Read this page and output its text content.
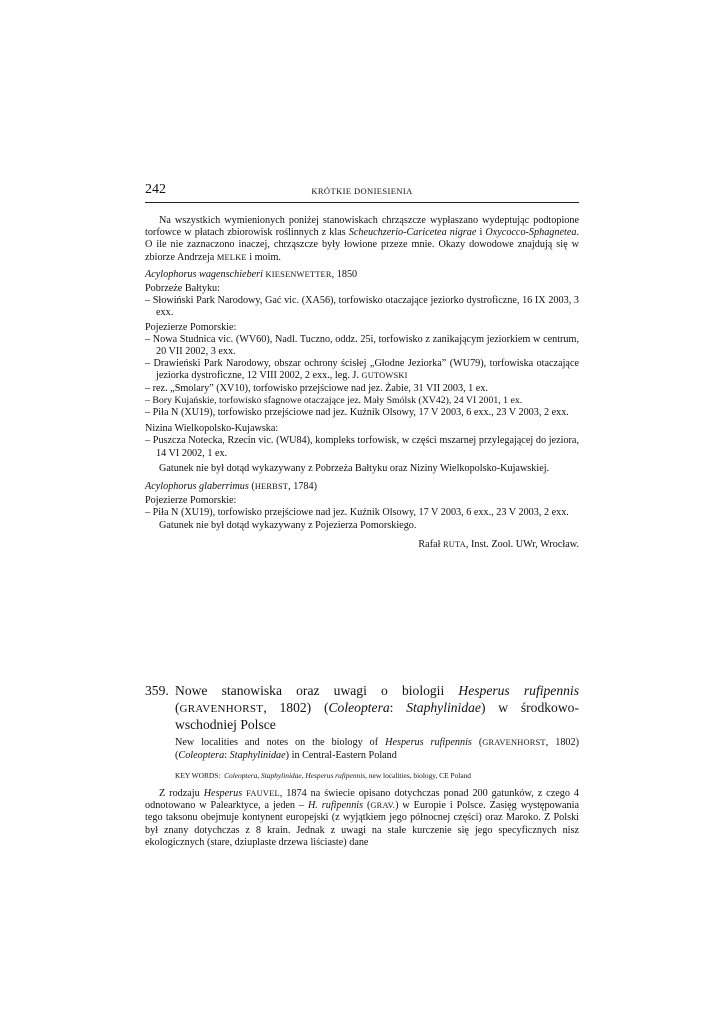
242	KRÓTKIE DONIESIENIA

Na wszystkich wymienionych poniżej stanowiskach chrząszcze wypłaszano wydeptując podtopione torfowce w płatach zbiorowisk roślinnych z klas Scheuchzerio-Caricetea nigrae i Oxycocco-Sphagnetea. O ile nie zaznaczono inaczej, chrząszcze były łowione przeze mnie. Okazy dowodowe znajdują się w zbiorze Andrzeja MELKE i moim.

Acylophorus wagenschieberi KIESENWETTER, 1850

Pobrzeże Bałtyku:

– Słowiński Park Narodowy, Gać vic. (XA56), torfowisko otaczające jeziorko dystroficzne, 16 IX 2003, 3 exx.

Pojezierze Pomorskie:

– Nowa Studnica vic. (WV60), Nadl. Tuczno, oddz. 25i, torfowisko z zanikającym jeziorkiem w centrum, 20 VII 2002, 3 exx.

– Drawieński Park Narodowy, obszar ochrony ścisłej „Głodne Jeziorka” (WU79), torfowiska otaczające jeziorka dystroficzne, 12 VIII 2002, 2 exx., leg. J. GUTOWSKI

– rez. „Smolary” (XV10), torfowisko przejściowe nad jez. Żabie, 31 VII 2003, 1 ex.

– Bory Kujańskie, torfowisko sfagnowe otaczające jez. Mały Smólsk (XV42), 24 VI 2001, 1 ex.

– Piła N (XU19), torfowisko przejściowe nad jez. Kuźnik Olsowy, 17 V 2003, 6 exx., 23 V 2003, 2 exx.

Nizina Wielkopolsko-Kujawska:

– Puszcza Notecka, Rzecin vic. (WU84), kompleks torfowisk, w części mszarnej przylegającej do jeziora, 14 VI 2002, 1 ex.

Gatunek nie był dotąd wykazywany z Pobrzeża Bałtyku oraz Niziny Wielkopolsko-Kujawskiej.

Acylophorus glaberrimus (HERBST, 1784)

Pojezierze Pomorskie:

– Piła N (XU19), torfowisko przejściowe nad jez. Kuźnik Olsowy, 17 V 2003, 6 exx., 23 V 2003, 2 exx.

Gatunek nie był dotąd wykazywany z Pojezierza Pomorskiego.

Rafał RUTA, Inst. Zool. UWr, Wrocław.

359. Nowe stanowiska oraz uwagi o biologii Hesperus rufipennis (GRAVENHORST, 1802) (Coleoptera: Staphylinidae) w środkowo-wschodniej Polsce
New localities and notes on the biology of Hesperus rufipennis (GRAVENHORST, 1802) (Coleoptera: Staphylinidae) in Central-Eastern Poland
KEY WORDS: Coleoptera, Staphylinidae, Hesperus rufipennis, new localities, biology, CE Poland
Z rodzaju Hesperus FAUVEL, 1874 na świecie opisano dotychczas ponad 200 gatunków, z czego 4 odnotowano w Palearktyce, a jeden – H. rufipennis (GRAV.) w Europie i Polsce. Zasięg występowania tego taksonu obejmuje kontynent europejski (z wyjątkiem jego północnej części) oraz Maroko. Z Polski był znany dotychczas z 8 krain. Jednak z uwagi na stałe kurczenie się jego specyficznych nisz ekologicznych (stare, dziuplaste drzewa liściaste) dane
